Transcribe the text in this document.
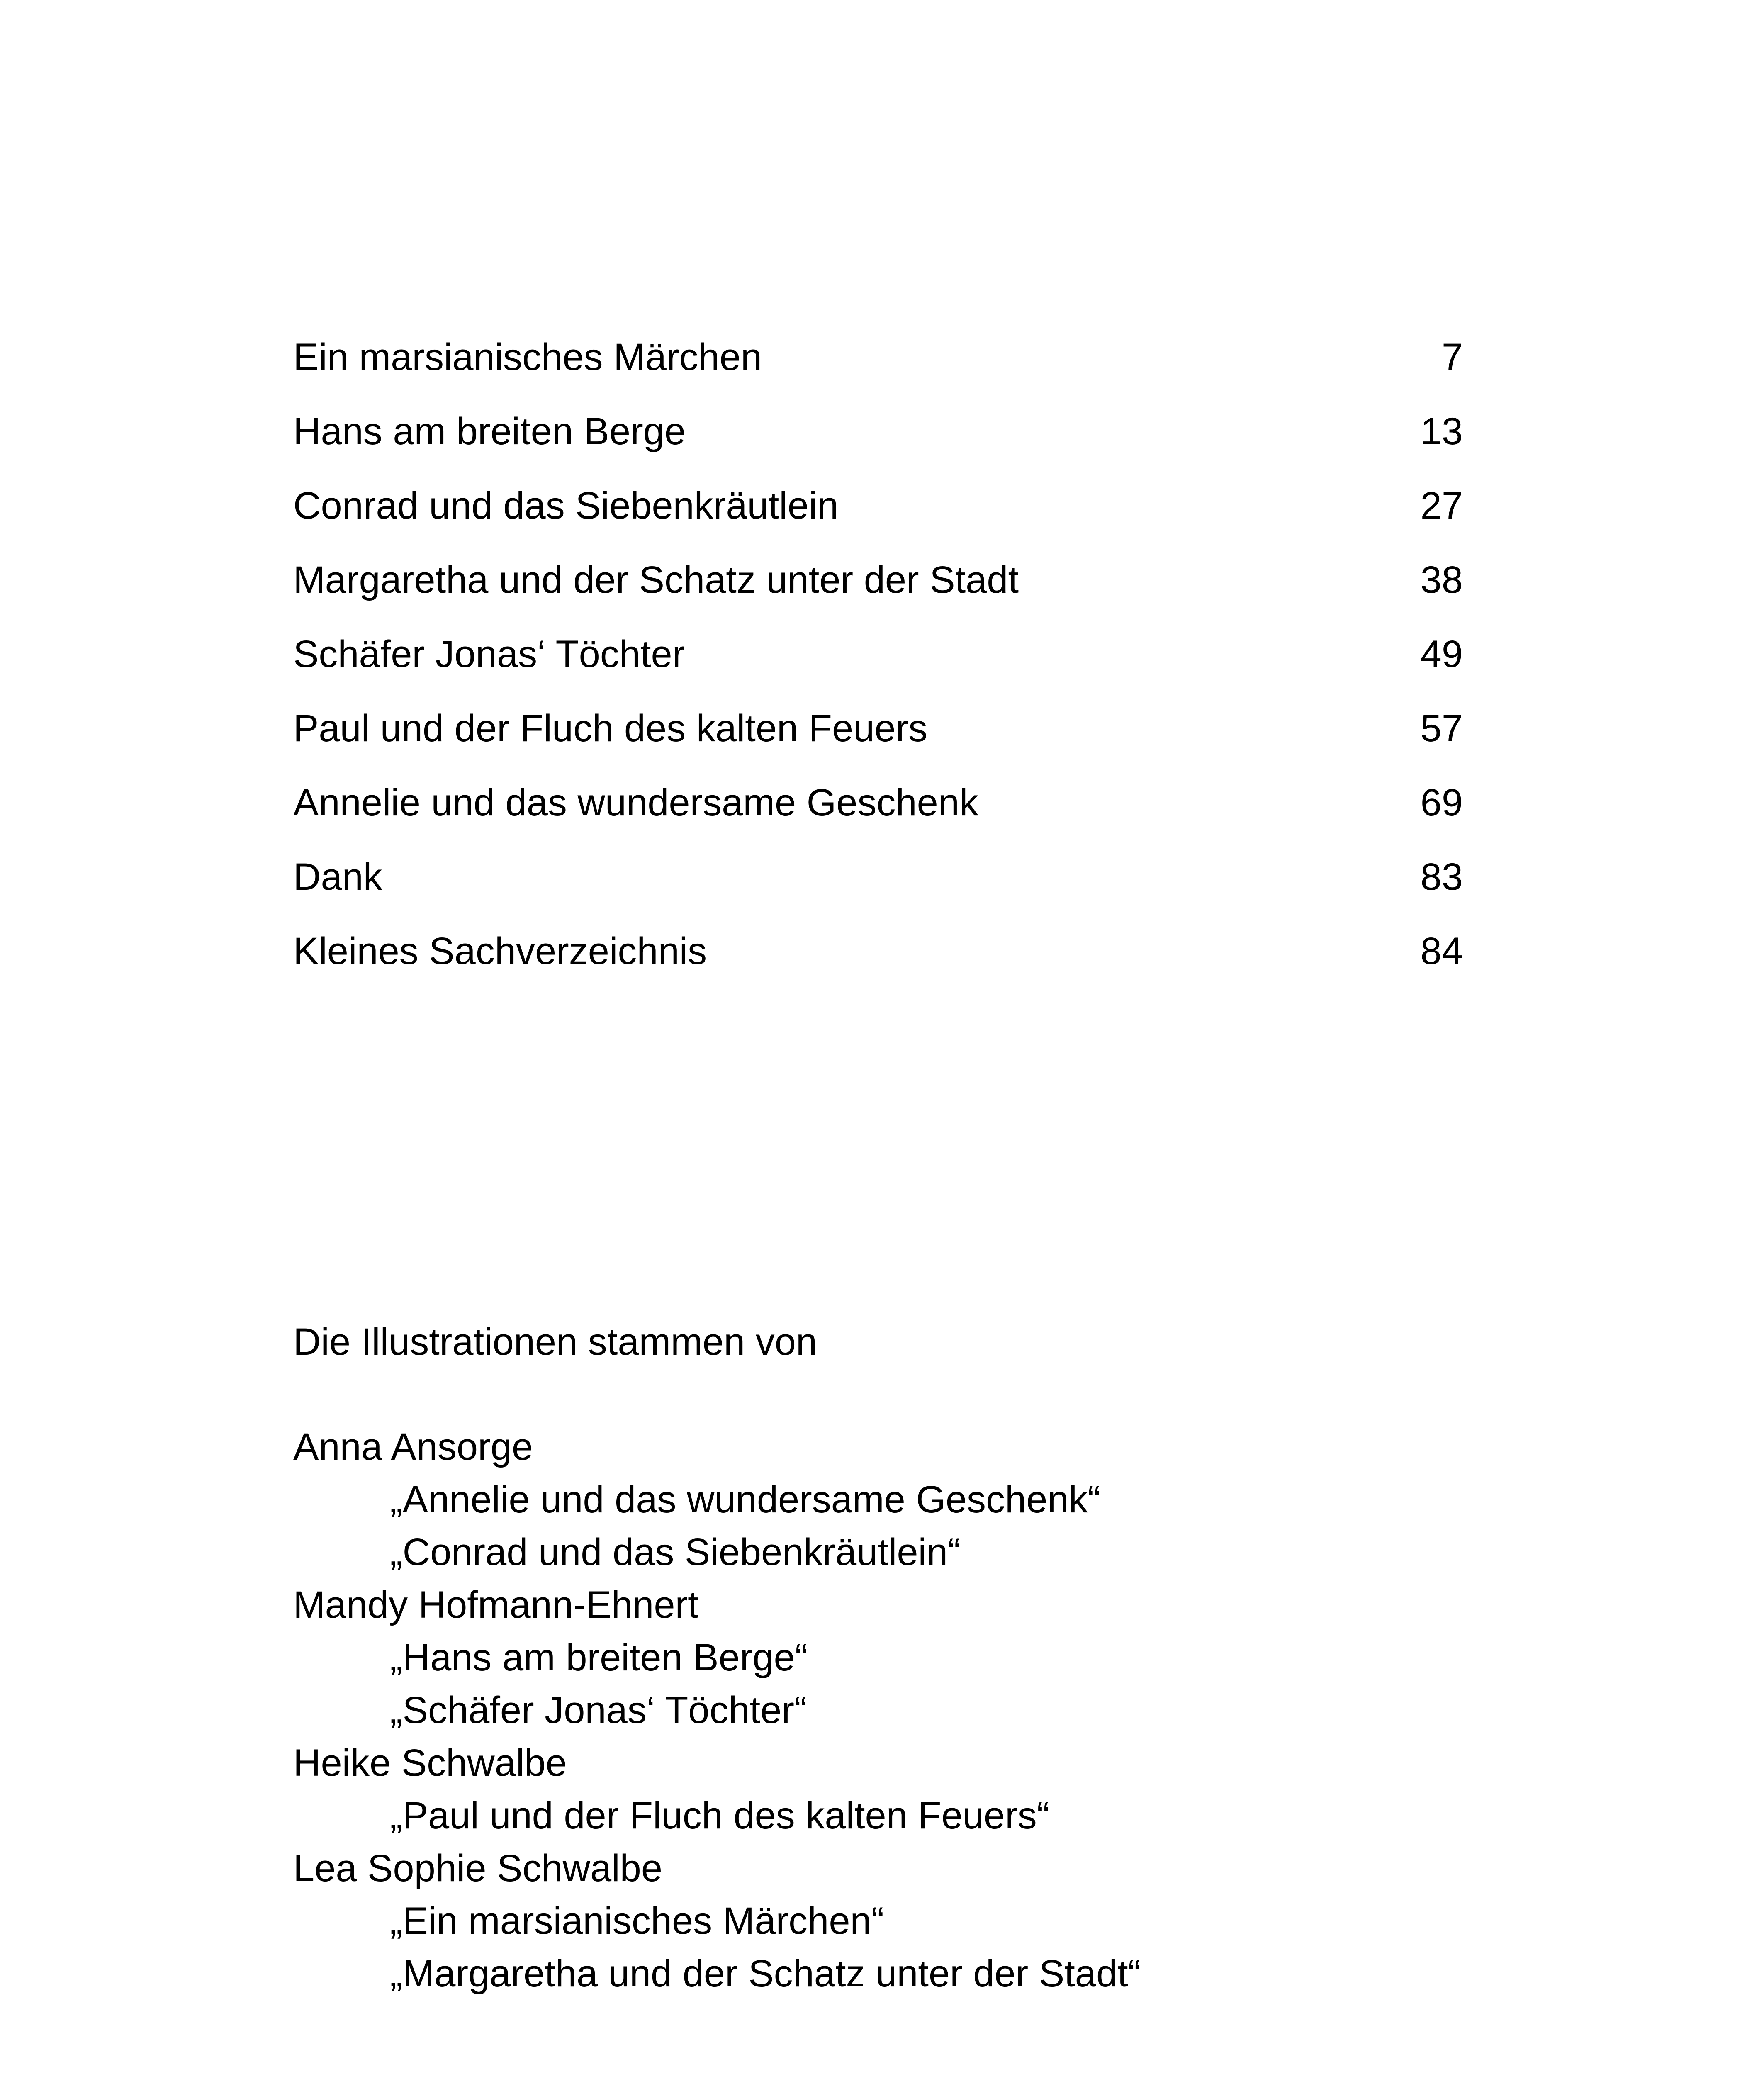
Ein marsianisches Märchen	7
Hans am breiten Berge	13
Conrad und das Siebenkräutlein	27
Margaretha und der Schatz unter der Stadt	38
Schäfer Jonas‘ Töchter	49
Paul und der Fluch des kalten Feuers	57
Annelie und das wundersame Geschenk	69
Dank	83
Kleines Sachverzeichnis	84
Die Illustrationen stammen von
Anna Ansorge
„Annelie und das wundersame Geschenk“
„Conrad und das Siebenkräutlein“
Mandy Hofmann-Ehnert
„Hans am breiten Berge“
„Schäfer Jonas‘ Töchter“
Heike Schwalbe
„Paul und der Fluch des kalten Feuers“
Lea Sophie Schwalbe
„Ein marsianisches Märchen“
„Margaretha und der Schatz unter der Stadt“
